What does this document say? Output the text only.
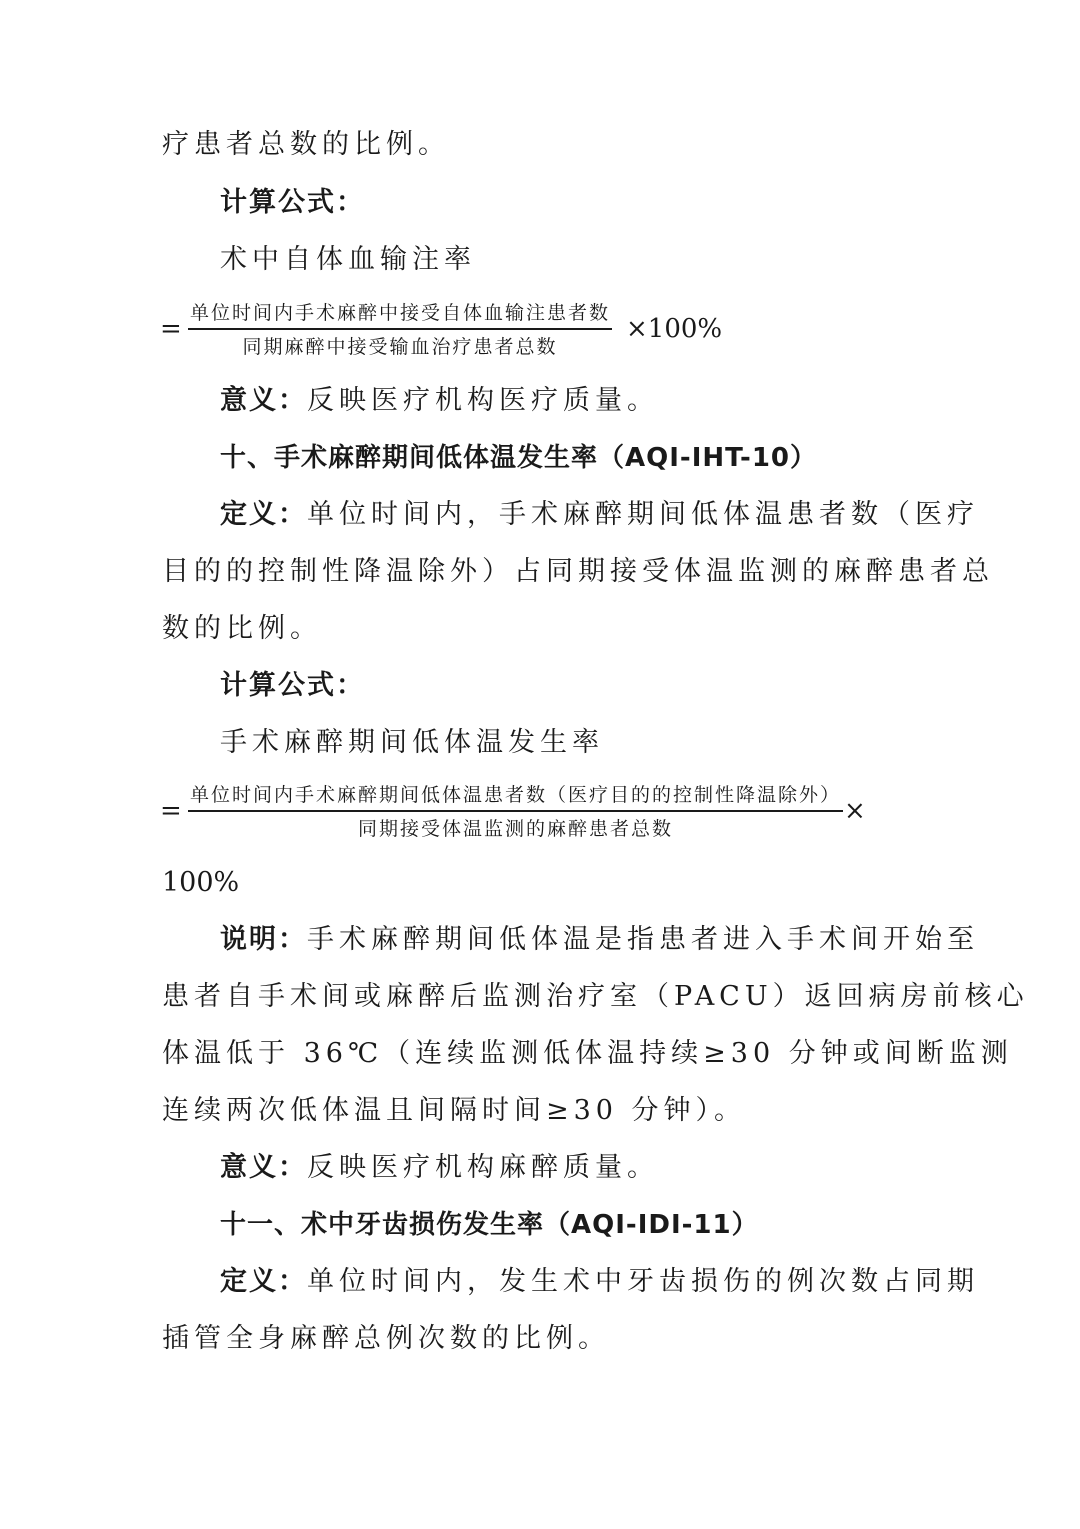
疗患者总数的比例。
计算公式：
术中自体血输注率
=
单位时间内手术麻醉中接受自体血输注患者数
同期麻醉中接受输血治疗患者总数
×100%
意义：反映医疗机构医疗质量。
十、手术麻醉期间低体温发生率（AQI-IHT-10）
定义：单位时间内，手术麻醉期间低体温患者数（医疗
目的的控制性降温除外）占同期接受体温监测的麻醉患者总
数的比例。
计算公式：
手术麻醉期间低体温发生率
=
单位时间内手术麻醉期间低体温患者数（医疗目的的控制性降温除外）
同期接受体温监测的麻醉患者总数
×
100%
说明：手术麻醉期间低体温是指患者进入手术间开始至
患者自手术间或麻醉后监测治疗室（PACU）返回病房前核心
体温低于 36℃（连续监测低体温持续≥30 分钟或间断监测
连续两次低体温且间隔时间≥30 分钟）。
意义：反映医疗机构麻醉质量。
十一、术中牙齿损伤发生率（AQI-IDI-11）
定义：单位时间内，发生术中牙齿损伤的例次数占同期
插管全身麻醉总例次数的比例。
